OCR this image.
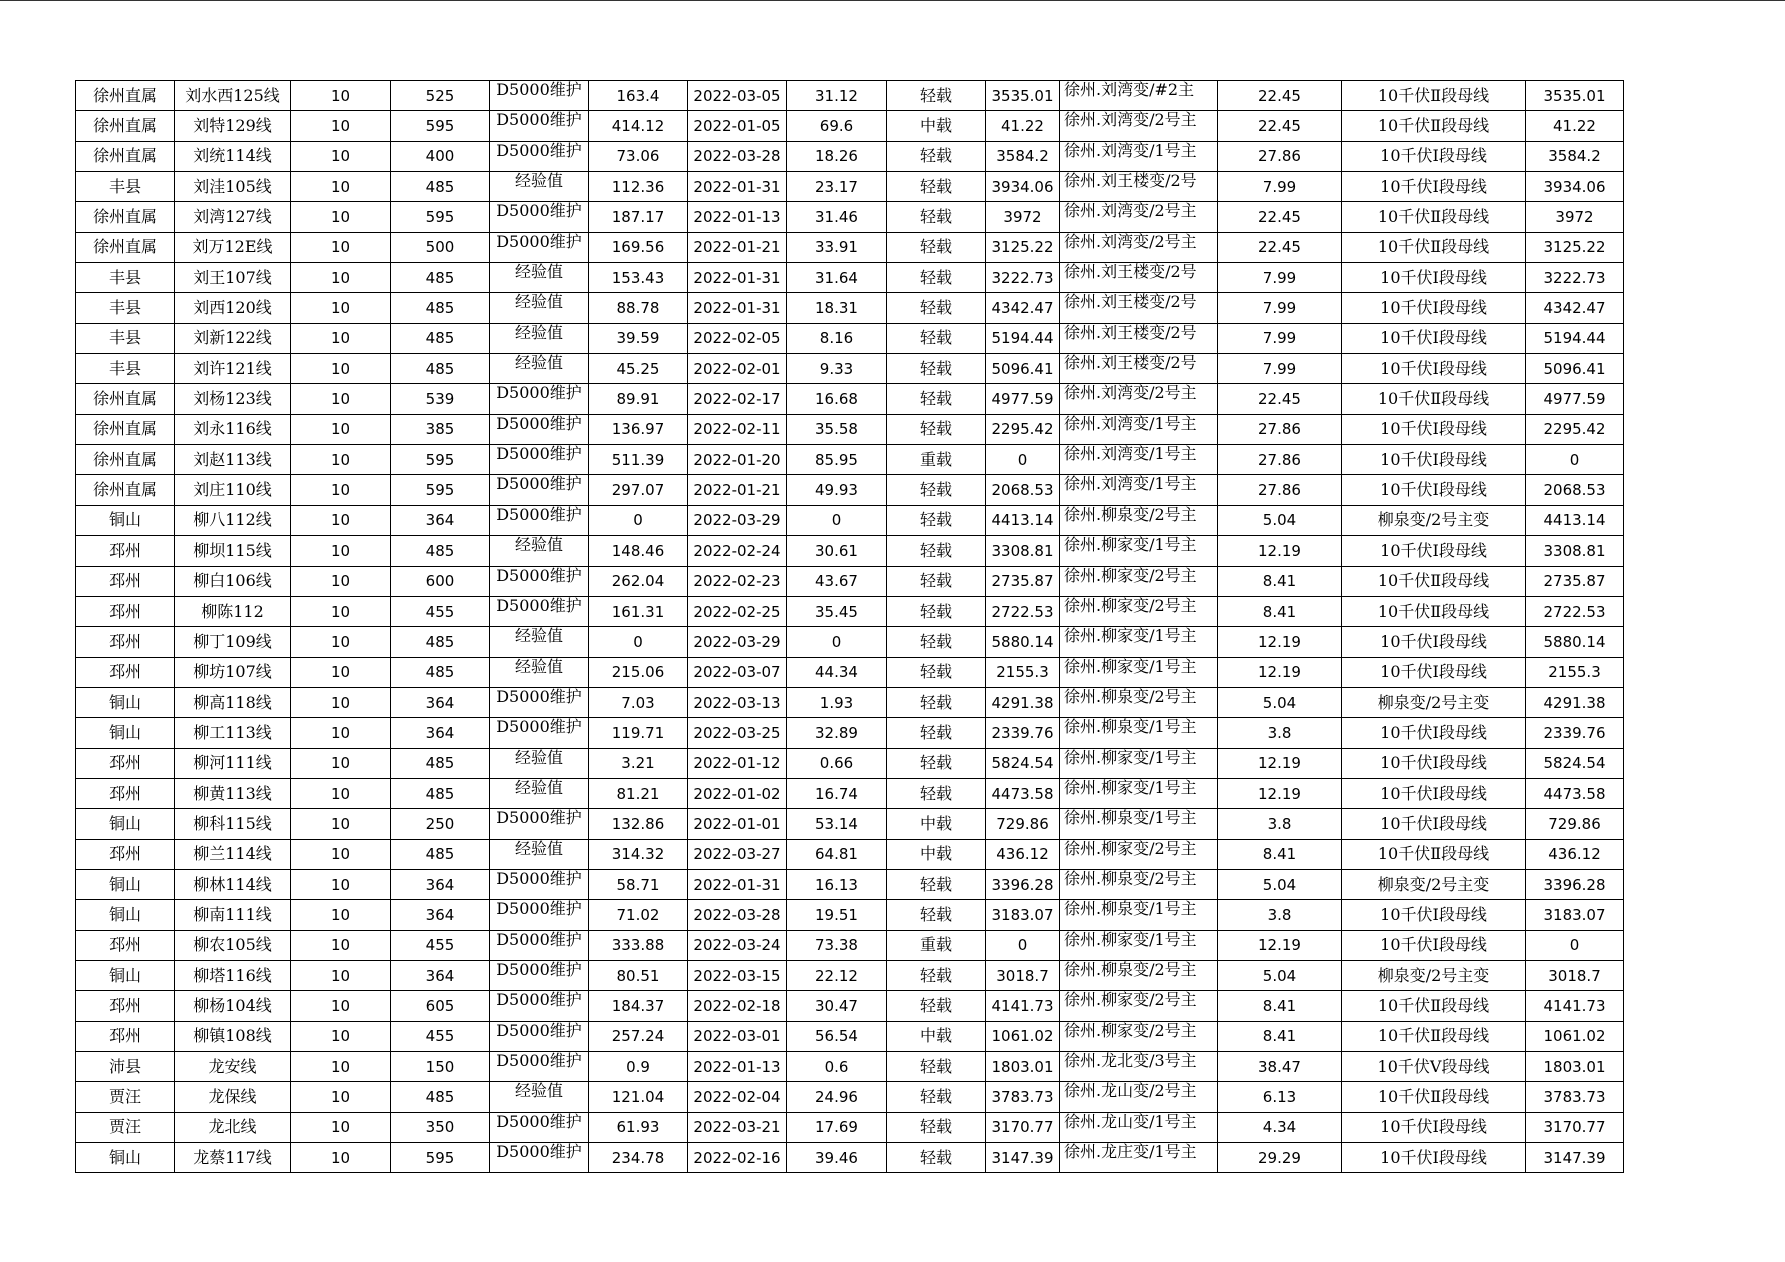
徐州直属	刘水西125线	10	525	D5000维护	163.4	2022-03-05	31.12	轻载	3535.01	徐州.刘湾变/#2主	22.45	10千伏Ⅱ段母线	3535.01
徐州直属	刘特129线	10	595	D5000维护	414.12	2022-01-05	69.6	中载	41.22	徐州.刘湾变/2号主	22.45	10千伏Ⅱ段母线	41.22
徐州直属	刘统114线	10	400	D5000维护	73.06	2022-03-28	18.26	轻载	3584.2	徐州.刘湾变/1号主	27.86	10千伏Ⅰ段母线	3584.2
丰县	刘洼105线	10	485	经验值	112.36	2022-01-31	23.17	轻载	3934.06	徐州.刘王楼变/2号	7.99	10千伏Ⅰ段母线	3934.06
徐州直属	刘湾127线	10	595	D5000维护	187.17	2022-01-13	31.46	轻载	3972	徐州.刘湾变/2号主	22.45	10千伏Ⅱ段母线	3972
徐州直属	刘万12E线	10	500	D5000维护	169.56	2022-01-21	33.91	轻载	3125.22	徐州.刘湾变/2号主	22.45	10千伏Ⅱ段母线	3125.22
丰县	刘王107线	10	485	经验值	153.43	2022-01-31	31.64	轻载	3222.73	徐州.刘王楼变/2号	7.99	10千伏Ⅰ段母线	3222.73
丰县	刘西120线	10	485	经验值	88.78	2022-01-31	18.31	轻载	4342.47	徐州.刘王楼变/2号	7.99	10千伏Ⅰ段母线	4342.47
丰县	刘新122线	10	485	经验值	39.59	2022-02-05	8.16	轻载	5194.44	徐州.刘王楼变/2号	7.99	10千伏Ⅰ段母线	5194.44
丰县	刘许121线	10	485	经验值	45.25	2022-02-01	9.33	轻载	5096.41	徐州.刘王楼变/2号	7.99	10千伏Ⅰ段母线	5096.41
徐州直属	刘杨123线	10	539	D5000维护	89.91	2022-02-17	16.68	轻载	4977.59	徐州.刘湾变/2号主	22.45	10千伏Ⅱ段母线	4977.59
徐州直属	刘永116线	10	385	D5000维护	136.97	2022-02-11	35.58	轻载	2295.42	徐州.刘湾变/1号主	27.86	10千伏Ⅰ段母线	2295.42
徐州直属	刘赵113线	10	595	D5000维护	511.39	2022-01-20	85.95	重载	0	徐州.刘湾变/1号主	27.86	10千伏Ⅰ段母线	0
徐州直属	刘庄110线	10	595	D5000维护	297.07	2022-01-21	49.93	轻载	2068.53	徐州.刘湾变/1号主	27.86	10千伏Ⅰ段母线	2068.53
铜山	柳八112线	10	364	D5000维护	0	2022-03-29	0	轻载	4413.14	徐州.柳泉变/2号主	5.04	柳泉变/2号主变	4413.14
邳州	柳坝115线	10	485	经验值	148.46	2022-02-24	30.61	轻载	3308.81	徐州.柳家变/1号主	12.19	10千伏Ⅰ段母线	3308.81
邳州	柳白106线	10	600	D5000维护	262.04	2022-02-23	43.67	轻载	2735.87	徐州.柳家变/2号主	8.41	10千伏Ⅱ段母线	2735.87
邳州	柳陈112	10	455	D5000维护	161.31	2022-02-25	35.45	轻载	2722.53	徐州.柳家变/2号主	8.41	10千伏Ⅱ段母线	2722.53
邳州	柳丁109线	10	485	经验值	0	2022-03-29	0	轻载	5880.14	徐州.柳家变/1号主	12.19	10千伏Ⅰ段母线	5880.14
邳州	柳坊107线	10	485	经验值	215.06	2022-03-07	44.34	轻载	2155.3	徐州.柳家变/1号主	12.19	10千伏Ⅰ段母线	2155.3
铜山	柳高118线	10	364	D5000维护	7.03	2022-03-13	1.93	轻载	4291.38	徐州.柳泉变/2号主	5.04	柳泉变/2号主变	4291.38
铜山	柳工113线	10	364	D5000维护	119.71	2022-03-25	32.89	轻载	2339.76	徐州.柳泉变/1号主	3.8	10千伏Ⅰ段母线	2339.76
邳州	柳河111线	10	485	经验值	3.21	2022-01-12	0.66	轻载	5824.54	徐州.柳家变/1号主	12.19	10千伏Ⅰ段母线	5824.54
邳州	柳黄113线	10	485	经验值	81.21	2022-01-02	16.74	轻载	4473.58	徐州.柳家变/1号主	12.19	10千伏Ⅰ段母线	4473.58
铜山	柳科115线	10	250	D5000维护	132.86	2022-01-01	53.14	中载	729.86	徐州.柳泉变/1号主	3.8	10千伏Ⅰ段母线	729.86
邳州	柳兰114线	10	485	经验值	314.32	2022-03-27	64.81	中载	436.12	徐州.柳家变/2号主	8.41	10千伏Ⅱ段母线	436.12
铜山	柳林114线	10	364	D5000维护	58.71	2022-01-31	16.13	轻载	3396.28	徐州.柳泉变/2号主	5.04	柳泉变/2号主变	3396.28
铜山	柳南111线	10	364	D5000维护	71.02	2022-03-28	19.51	轻载	3183.07	徐州.柳泉变/1号主	3.8	10千伏Ⅰ段母线	3183.07
邳州	柳农105线	10	455	D5000维护	333.88	2022-03-24	73.38	重载	0	徐州.柳家变/1号主	12.19	10千伏Ⅰ段母线	0
铜山	柳塔116线	10	364	D5000维护	80.51	2022-03-15	22.12	轻载	3018.7	徐州.柳泉变/2号主	5.04	柳泉变/2号主变	3018.7
邳州	柳杨104线	10	605	D5000维护	184.37	2022-02-18	30.47	轻载	4141.73	徐州.柳家变/2号主	8.41	10千伏Ⅱ段母线	4141.73
邳州	柳镇108线	10	455	D5000维护	257.24	2022-03-01	56.54	中载	1061.02	徐州.柳家变/2号主	8.41	10千伏Ⅱ段母线	1061.02
沛县	龙安线	10	150	D5000维护	0.9	2022-01-13	0.6	轻载	1803.01	徐州.龙北变/3号主	38.47	10千伏Ⅴ段母线	1803.01
贾汪	龙保线	10	485	经验值	121.04	2022-02-04	24.96	轻载	3783.73	徐州.龙山变/2号主	6.13	10千伏Ⅱ段母线	3783.73
贾汪	龙北线	10	350	D5000维护	61.93	2022-03-21	17.69	轻载	3170.77	徐州.龙山变/1号主	4.34	10千伏Ⅰ段母线	3170.77
铜山	龙蔡117线	10	595	D5000维护	234.78	2022-02-16	39.46	轻载	3147.39	徐州.龙庄变/1号主	29.29	10千伏Ⅰ段母线	3147.39
